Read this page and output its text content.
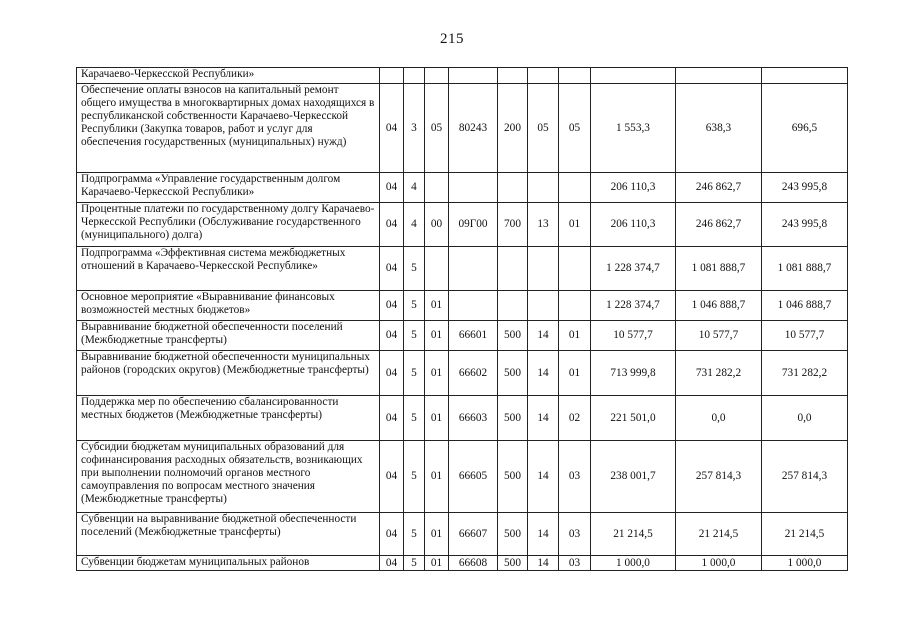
215
Карачаево-Черкесской Республики»										
Обеспечение оплаты взносов на капитальный ремонт общего имущества в многоквартирных домах находящихся в республиканской собственности Карачаево-Черкесской Республики (Закупка товаров, работ и услуг для обеспечения государственных (муниципальных) нужд)	04	3	05	80243	200	05	05	1 553,3	638,3	696,5
Подпрограмма «Управление государственным долгом Карачаево-Черкесской Республики»	04	4						206 110,3	246 862,7	243 995,8
Процентные платежи по государственному долгу Карачаево-Черкесской Республики (Обслуживание государственного (муниципального) долга)	04	4	00	09Г00	700	13	01	206 110,3	246 862,7	243 995,8
Подпрограмма «Эффективная система межбюджетных отношений в Карачаево-Черкесской Республике»	04	5						1 228 374,7	1 081 888,7	1 081 888,7
Основное мероприятие «Выравнивание финансовых возможностей местных бюджетов»	04	5	01					1 228 374,7	1 046 888,7	1 046 888,7
Выравнивание бюджетной обеспеченности поселений (Межбюджетные трансферты)	04	5	01	66601	500	14	01	10 577,7	10 577,7	10 577,7
Выравнивание бюджетной обеспеченности муниципальных районов (городских округов) (Межбюджетные трансферты)	04	5	01	66602	500	14	01	713 999,8	731 282,2	731 282,2
Поддержка мер по обеспечению сбалансированности местных бюджетов (Межбюджетные трансферты)	04	5	01	66603	500	14	02	221 501,0	0,0	0,0
Субсидии бюджетам муниципальных образований для софинансирования расходных обязательств, возникающих при выполнении полномочий органов местного самоуправления по вопросам местного значения (Межбюджетные трансферты)	04	5	01	66605	500	14	03	238 001,7	257 814,3	257 814,3
Субвенции на выравнивание бюджетной обеспеченности поселений (Межбюджетные трансферты)	04	5	01	66607	500	14	03	21 214,5	21 214,5	21 214,5
Субвенции бюджетам муниципальных районов	04	5	01	66608	500	14	03	1 000,0	1 000,0	1 000,0
